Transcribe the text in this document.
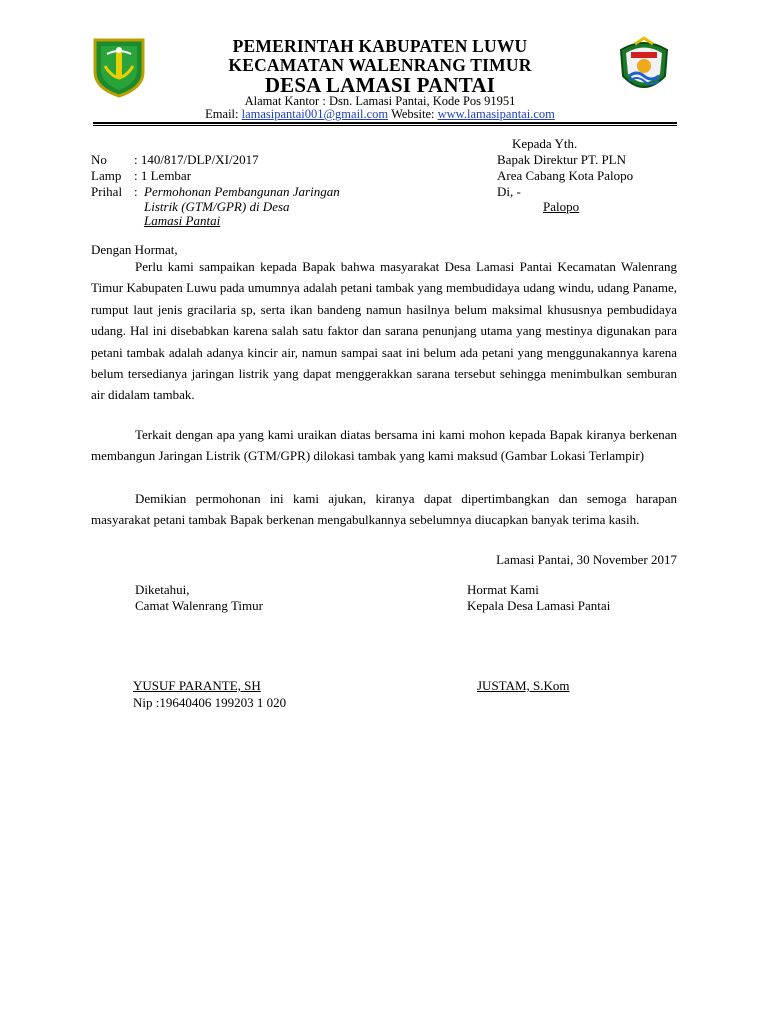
PEMERINTAH KABUPATEN LUWU
KECAMATAN WALENRANG TIMUR
DESA LAMASI PANTAI
Alamat Kantor : Dsn. Lamasi Pantai, Kode Pos 91951
Email: lamasipantai001@gmail.com Website: www.lamasipantai.com
Kepada Yth.
Bapak Direktur PT. PLN
Area Cabang Kota Palopo
Di, -
Palopo
No : 140/817/DLP/XI/2017
Lamp : 1 Lembar
Prihal : Permohonan Pembangunan Jaringan
Listrik (GTM/GPR) di Desa
Lamasi Pantai
Dengan Hormat,
Perlu kami sampaikan kepada Bapak bahwa masyarakat Desa Lamasi Pantai Kecamatan Walenrang Timur Kabupaten Luwu pada umumnya adalah petani tambak yang membudidaya udang windu, udang Paname, rumput laut jenis gracilaria sp, serta ikan bandeng namun hasilnya belum maksimal khususnya pembudidaya udang. Hal ini disebabkan karena salah satu faktor dan sarana penunjang utama yang mestinya digunakan para petani tambak adalah adanya kincir air, namun sampai saat ini belum ada petani yang menggunakannya karena belum tersedianya jaringan listrik yang dapat menggerakkan sarana tersebut sehingga menimbulkan semburan air didalam tambak.
Terkait dengan apa yang kami uraikan diatas bersama ini kami mohon kepada Bapak kiranya berkenan membangun Jaringan Listrik (GTM/GPR) dilokasi tambak yang kami maksud (Gambar Lokasi Terlampir)
Demikian permohonan ini kami ajukan, kiranya dapat dipertimbangkan dan semoga harapan masyarakat petani tambak Bapak berkenan mengabulkannya sebelumnya diucapkan banyak terima kasih.
Lamasi Pantai, 30 November 2017
Diketahui,
Camat Walenrang Timur
YUSUF PARANTE, SH
Nip :19640406 199203 1 020
Hormat Kami
Kepala Desa Lamasi Pantai
JUSTAM, S.Kom
